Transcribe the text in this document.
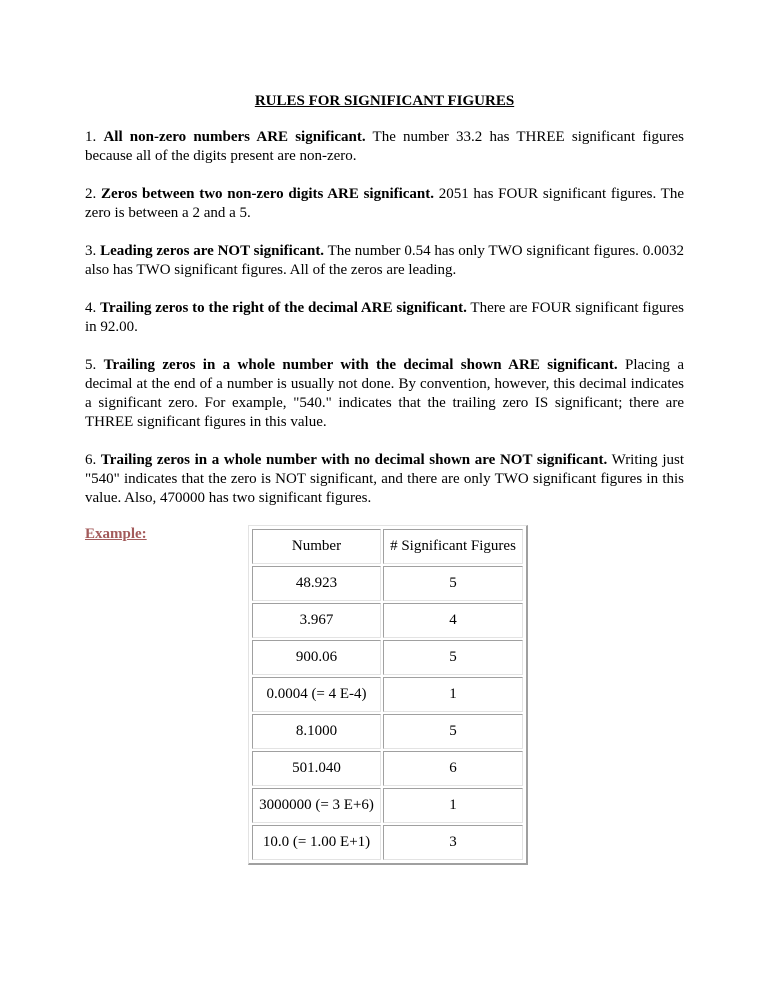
RULES FOR SIGNIFICANT FIGURES

1. All non-zero numbers ARE significant. The number 33.2 has THREE significant figures because all of the digits present are non-zero.

2. Zeros between two non-zero digits ARE significant. 2051 has FOUR significant figures. The zero is between a 2 and a 5.

3. Leading zeros are NOT significant. The number 0.54 has only TWO significant figures. 0.0032 also has TWO significant figures. All of the zeros are leading.

4. Trailing zeros to the right of the decimal ARE significant. There are FOUR significant figures in 92.00.

5. Trailing zeros in a whole number with the decimal shown ARE significant. Placing a decimal at the end of a number is usually not done. By convention, however, this decimal indicates a significant zero. For example, "540." indicates that the trailing zero IS significant; there are THREE significant figures in this value.

6. Trailing zeros in a whole number with no decimal shown are NOT significant. Writing just "540" indicates that the zero is NOT significant, and there are only TWO significant figures in this value. Also, 470000 has two significant figures.

Example:
Number	# Significant Figures
48.923	5
3.967	4
900.06	5
0.0004 (= 4 E-4)	1
8.1000	5
501.040	6
3000000 (= 3 E+6)	1
10.0 (= 1.00 E+1)	3
